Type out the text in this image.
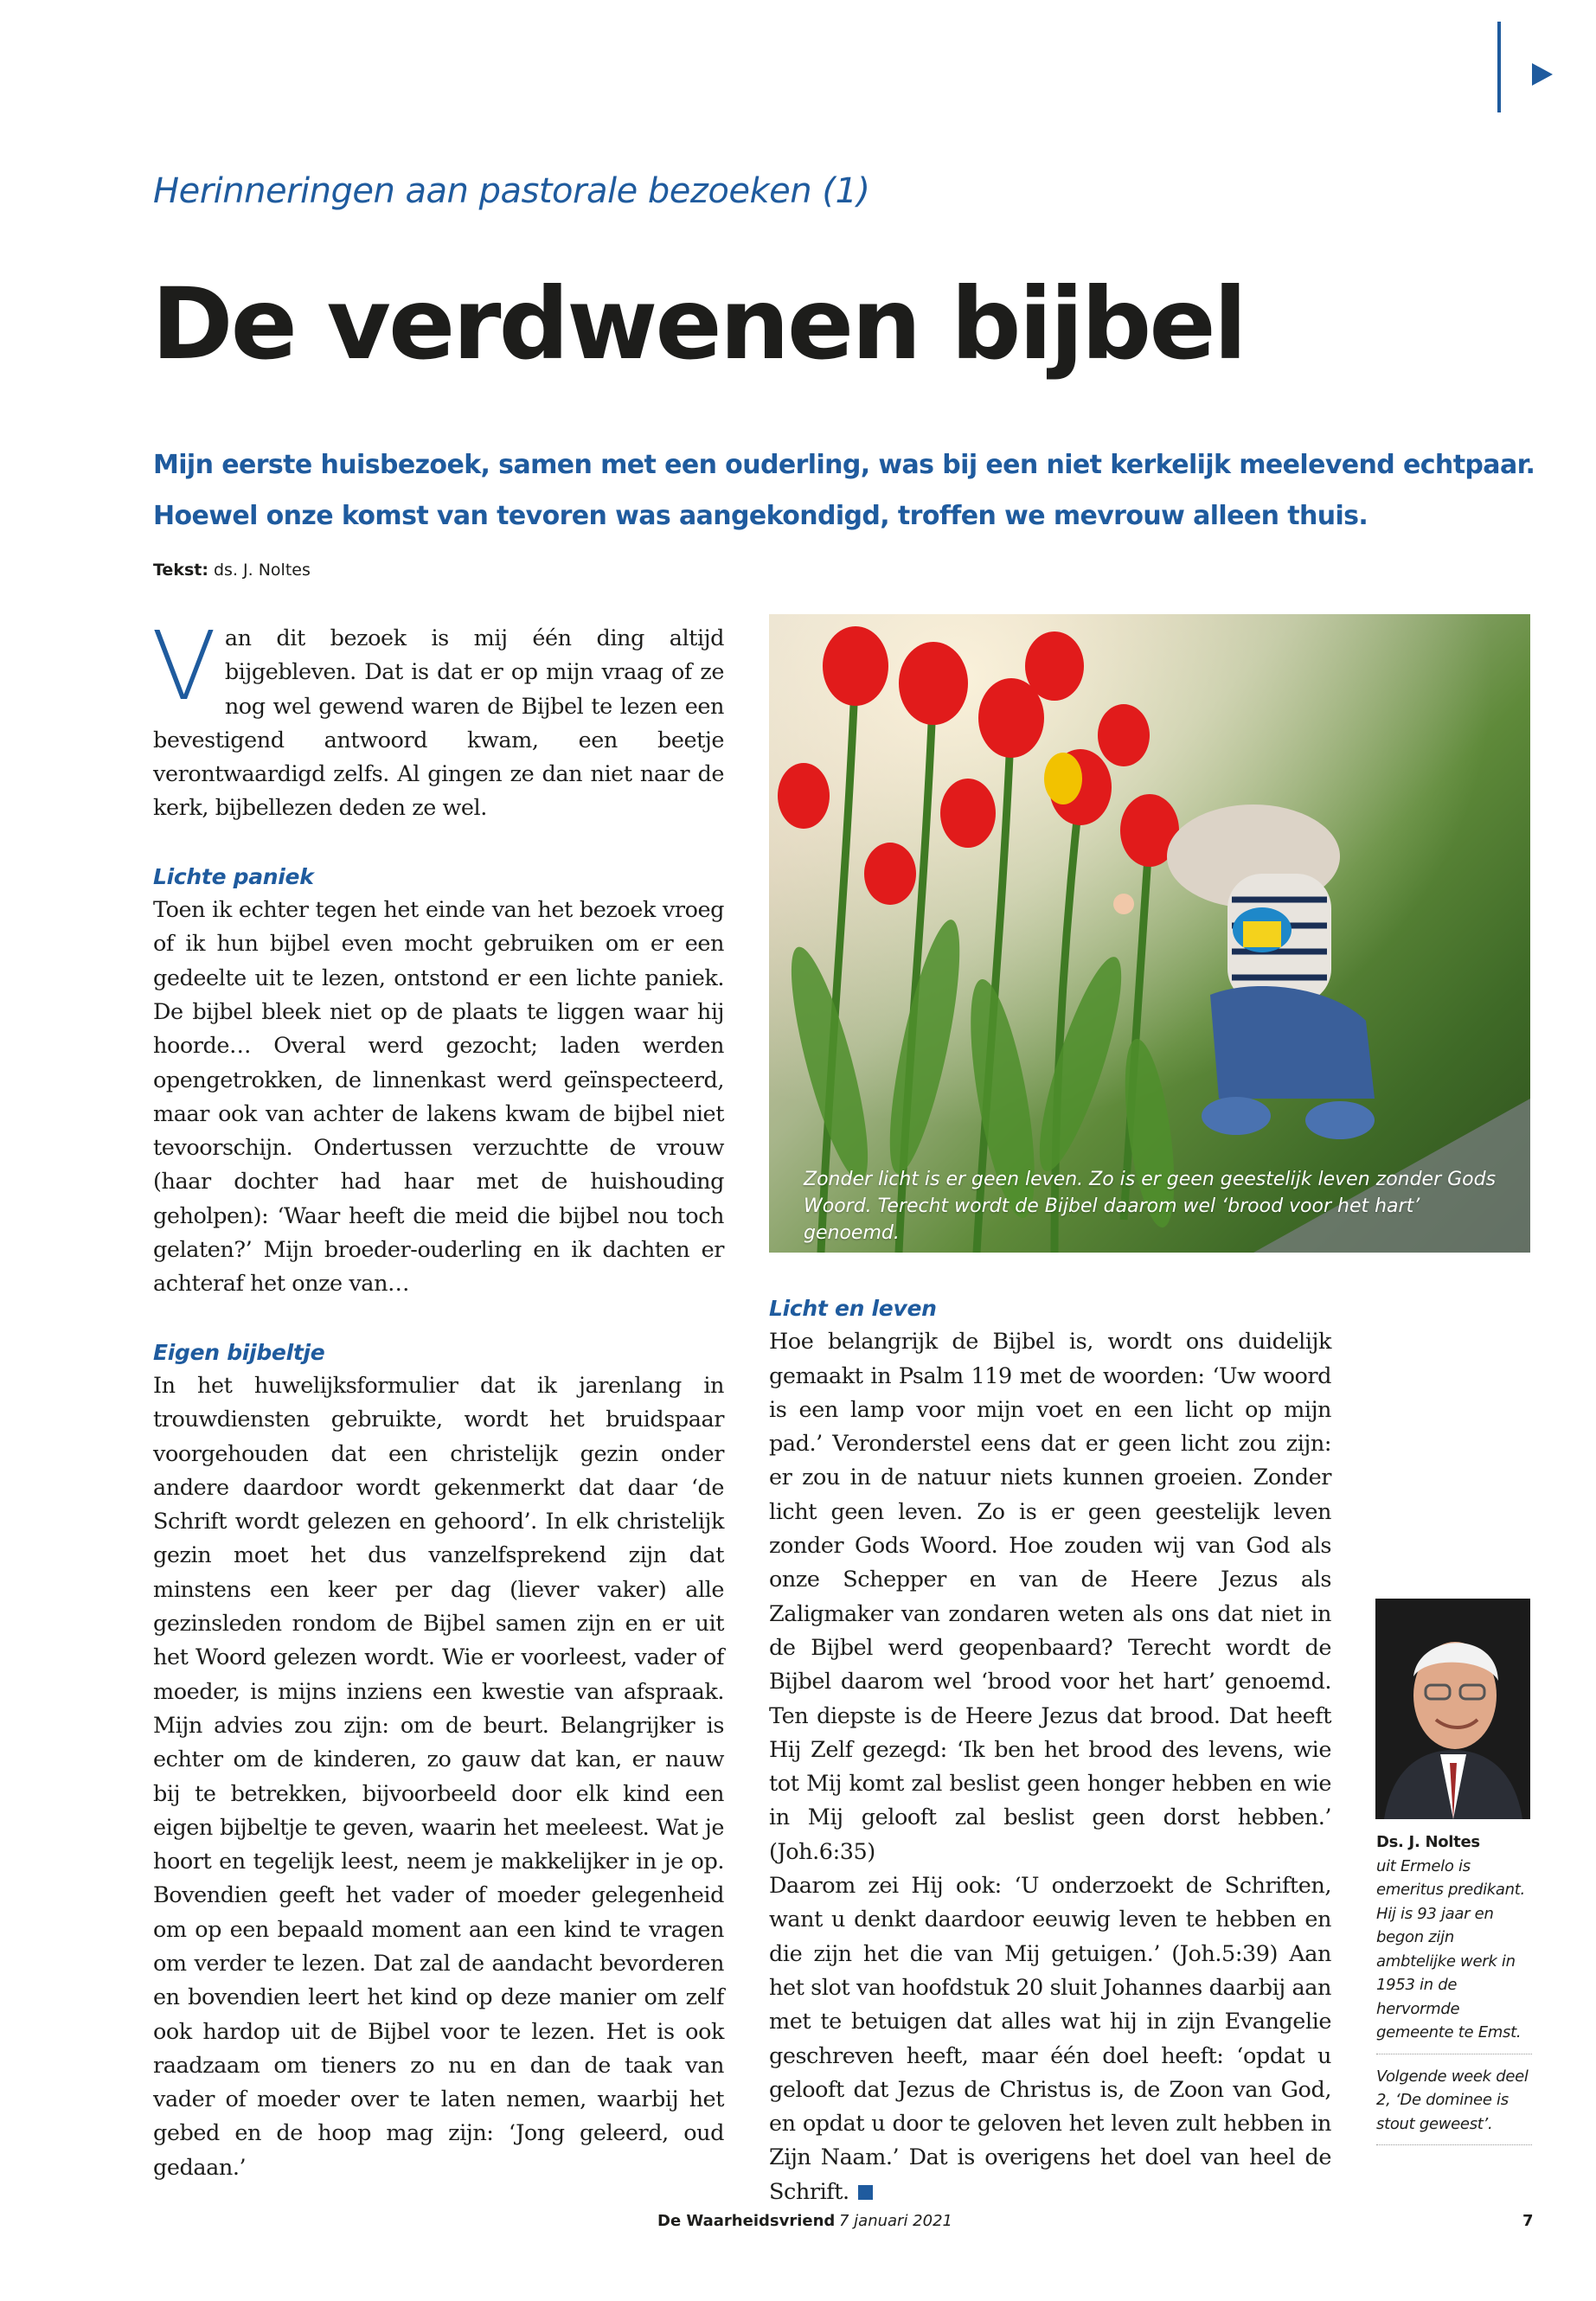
Herinneringen aan pastorale bezoeken (1)
De verdwenen bijbel

Mijn eerste huisbezoek, samen met een ouderling, was bij een niet kerkelijk meelevend echtpaar.

Hoewel onze komst van tevoren was aangekondigd, troffen we mevrouw alleen thuis.

Tekst: ds. J. Noltes
V an dit bezoek is mij één ding altijd bijgebleven. Dat is dat er op mijn vraag of ze nog wel gewend waren de Bijbel te lezen een bevestigend antwoord kwam, een beetje verontwaardigd zelfs. Al gingen ze dan niet naar de kerk, bijbellezen deden ze wel.

Lichte paniek

Toen ik echter tegen het einde van het bezoek vroeg of ik hun bijbel even mocht gebruiken om er een gedeelte uit te lezen, ontstond er een lichte paniek. De bijbel bleek niet op de plaats te liggen waar hij hoorde… Overal werd gezocht; laden werden opengetrokken, de linnenkast werd geïnspecteerd, maar ook van achter de lakens kwam de bijbel niet tevoorschijn. Ondertussen verzuchtte de vrouw (haar dochter had haar met de huishouding geholpen): ‘Waar heeft die meid die bijbel nou toch gelaten?’ Mijn broeder-ouderling en ik dachten er achteraf het onze van…

Eigen bijbeltje

In het huwelijksformulier dat ik jarenlang in trouwdiensten gebruikte, wordt het bruidspaar voorgehouden dat een christelijk gezin onder andere daardoor wordt gekenmerkt dat daar ‘de Schrift wordt gelezen en gehoord’. In elk christelijk gezin moet het dus vanzelfsprekend zijn dat minstens een keer per dag (liever vaker) alle gezinsleden rondom de Bijbel samen zijn en er uit het Woord gelezen wordt. Wie er voorleest, vader of moeder, is mijns inziens een kwestie van afspraak. Mijn advies zou zijn: om de beurt. Belangrijker is echter om de kinderen, zo gauw dat kan, er nauw bij te betrekken, bijvoorbeeld door elk kind een eigen bijbeltje te geven, waarin het meeleest. Wat je hoort en tegelijk leest, neem je makkelijker in je op. Bovendien geeft het vader of moeder gelegenheid om op een bepaald moment aan een kind te vragen om verder te lezen. Dat zal de aandacht bevorderen en bovendien leert het kind op deze manier om zelf ook hardop uit de Bijbel voor te lezen. Het is ook raadzaam om tieners zo nu en dan de taak van vader of moeder over te laten nemen, waarbij het gebed en de hoop mag zijn: ‘Jong geleerd, oud gedaan.’

Zonder licht is er geen leven. Zo is er geen geestelijk leven zonder Gods Woord. Terecht wordt de Bijbel daarom wel ‘brood voor het hart’ genoemd.

Licht en leven

Hoe belangrijk de Bijbel is, wordt ons duidelijk gemaakt in Psalm 119 met de woorden: ‘Uw woord is een lamp voor mijn voet en een licht op mijn pad.’ Veronderstel eens dat er geen licht zou zijn: er zou in de natuur niets kunnen groeien. Zonder licht geen leven. Zo is er geen geestelijk leven zonder Gods Woord. Hoe zouden wij van God als onze Schepper en van de Heere Jezus als Zaligmaker van zondaren weten als ons dat niet in de Bijbel werd geopenbaard? Terecht wordt de Bijbel daarom wel ‘brood voor het hart’ genoemd. Ten diepste is de Heere Jezus dat brood. Dat heeft Hij Zelf gezegd: ‘Ik ben het brood des levens, wie tot Mij komt zal beslist geen honger hebben en wie in Mij gelooft zal beslist geen dorst hebben.’ (Joh.6:35)

Daarom zei Hij ook: ‘U onderzoekt de Schriften, want u denkt daardoor eeuwig leven te hebben en die zijn het die van Mij getuigen.’ (Joh.5:39) Aan het slot van hoofdstuk 20 sluit Johannes daarbij aan met te betuigen dat alles wat hij in zijn Evangelie geschreven heeft, maar één doel heeft: ‘opdat u gelooft dat Jezus de Christus is, de Zoon van God, en opdat u door te geloven het leven zult hebben in Zijn Naam.’ Dat is overigens het doel van heel de Schrift.

Ds. J. Noltes
uit Ermelo is emeritus predikant. Hij is 93 jaar en begon zijn ambtelijke werk in 1953 in de hervormde gemeente te Emst.
Volgende week deel 2, ‘De dominee is stout geweest’.
De Waarheidsvriend 7 januari 2021	7
